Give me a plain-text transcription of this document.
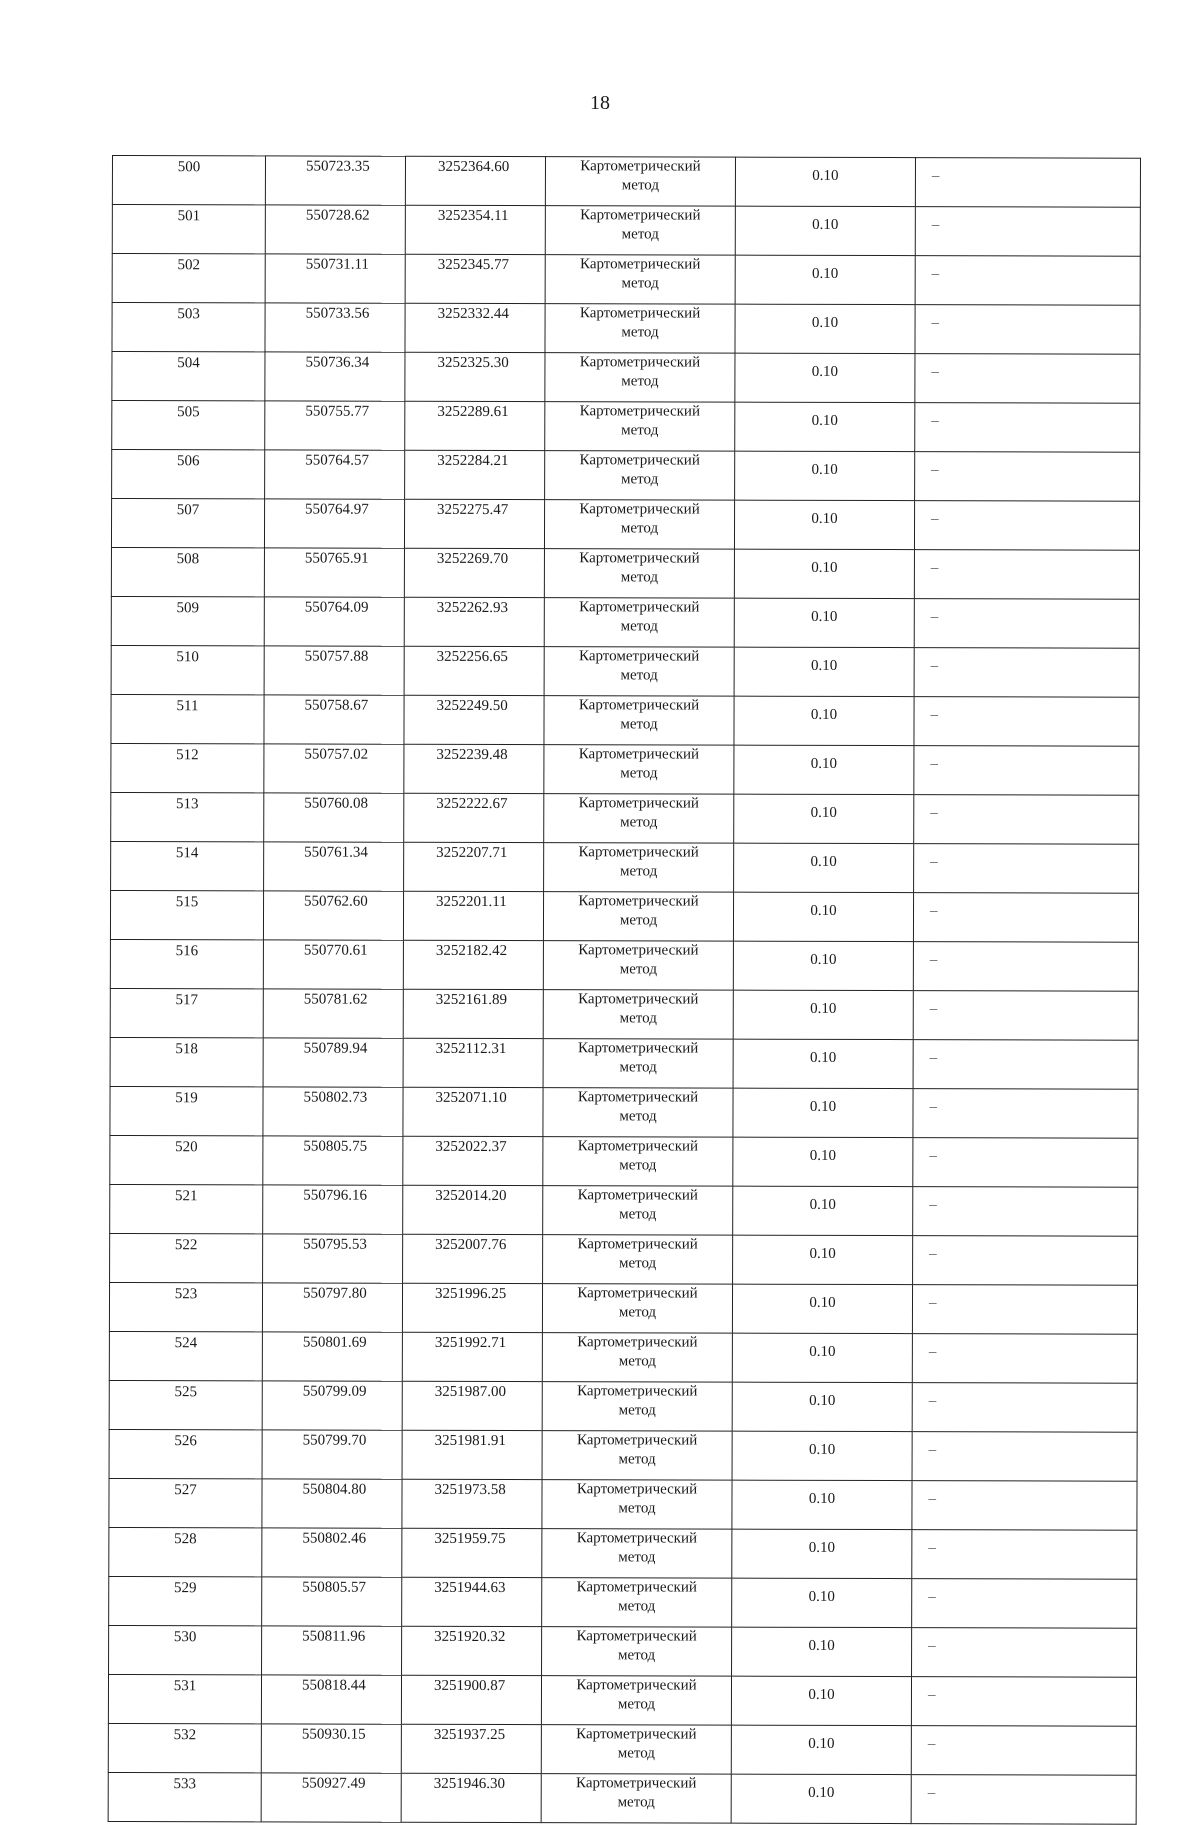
18
500	550723.35	3252364.60	Картометрический
метод	0.10	–
501	550728.62	3252354.11	Картометрический
метод	0.10	–
502	550731.11	3252345.77	Картометрический
метод	0.10	–
503	550733.56	3252332.44	Картометрический
метод	0.10	–
504	550736.34	3252325.30	Картометрический
метод	0.10	–
505	550755.77	3252289.61	Картометрический
метод	0.10	–
506	550764.57	3252284.21	Картометрический
метод	0.10	–
507	550764.97	3252275.47	Картометрический
метод	0.10	–
508	550765.91	3252269.70	Картометрический
метод	0.10	–
509	550764.09	3252262.93	Картометрический
метод	0.10	–
510	550757.88	3252256.65	Картометрический
метод	0.10	–
511	550758.67	3252249.50	Картометрический
метод	0.10	–
512	550757.02	3252239.48	Картометрический
метод	0.10	–
513	550760.08	3252222.67	Картометрический
метод	0.10	–
514	550761.34	3252207.71	Картометрический
метод	0.10	–
515	550762.60	3252201.11	Картометрический
метод	0.10	–
516	550770.61	3252182.42	Картометрический
метод	0.10	–
517	550781.62	3252161.89	Картометрический
метод	0.10	–
518	550789.94	3252112.31	Картометрический
метод	0.10	–
519	550802.73	3252071.10	Картометрический
метод	0.10	–
520	550805.75	3252022.37	Картометрический
метод	0.10	–
521	550796.16	3252014.20	Картометрический
метод	0.10	–
522	550795.53	3252007.76	Картометрический
метод	0.10	–
523	550797.80	3251996.25	Картометрический
метод	0.10	–
524	550801.69	3251992.71	Картометрический
метод	0.10	–
525	550799.09	3251987.00	Картометрический
метод	0.10	–
526	550799.70	3251981.91	Картометрический
метод	0.10	–
527	550804.80	3251973.58	Картометрический
метод	0.10	–
528	550802.46	3251959.75	Картометрический
метод	0.10	–
529	550805.57	3251944.63	Картометрический
метод	0.10	–
530	550811.96	3251920.32	Картометрический
метод	0.10	–
531	550818.44	3251900.87	Картометрический
метод	0.10	–
532	550930.15	3251937.25	Картометрический
метод	0.10	–
533	550927.49	3251946.30	Картометрический
метод	0.10	–
